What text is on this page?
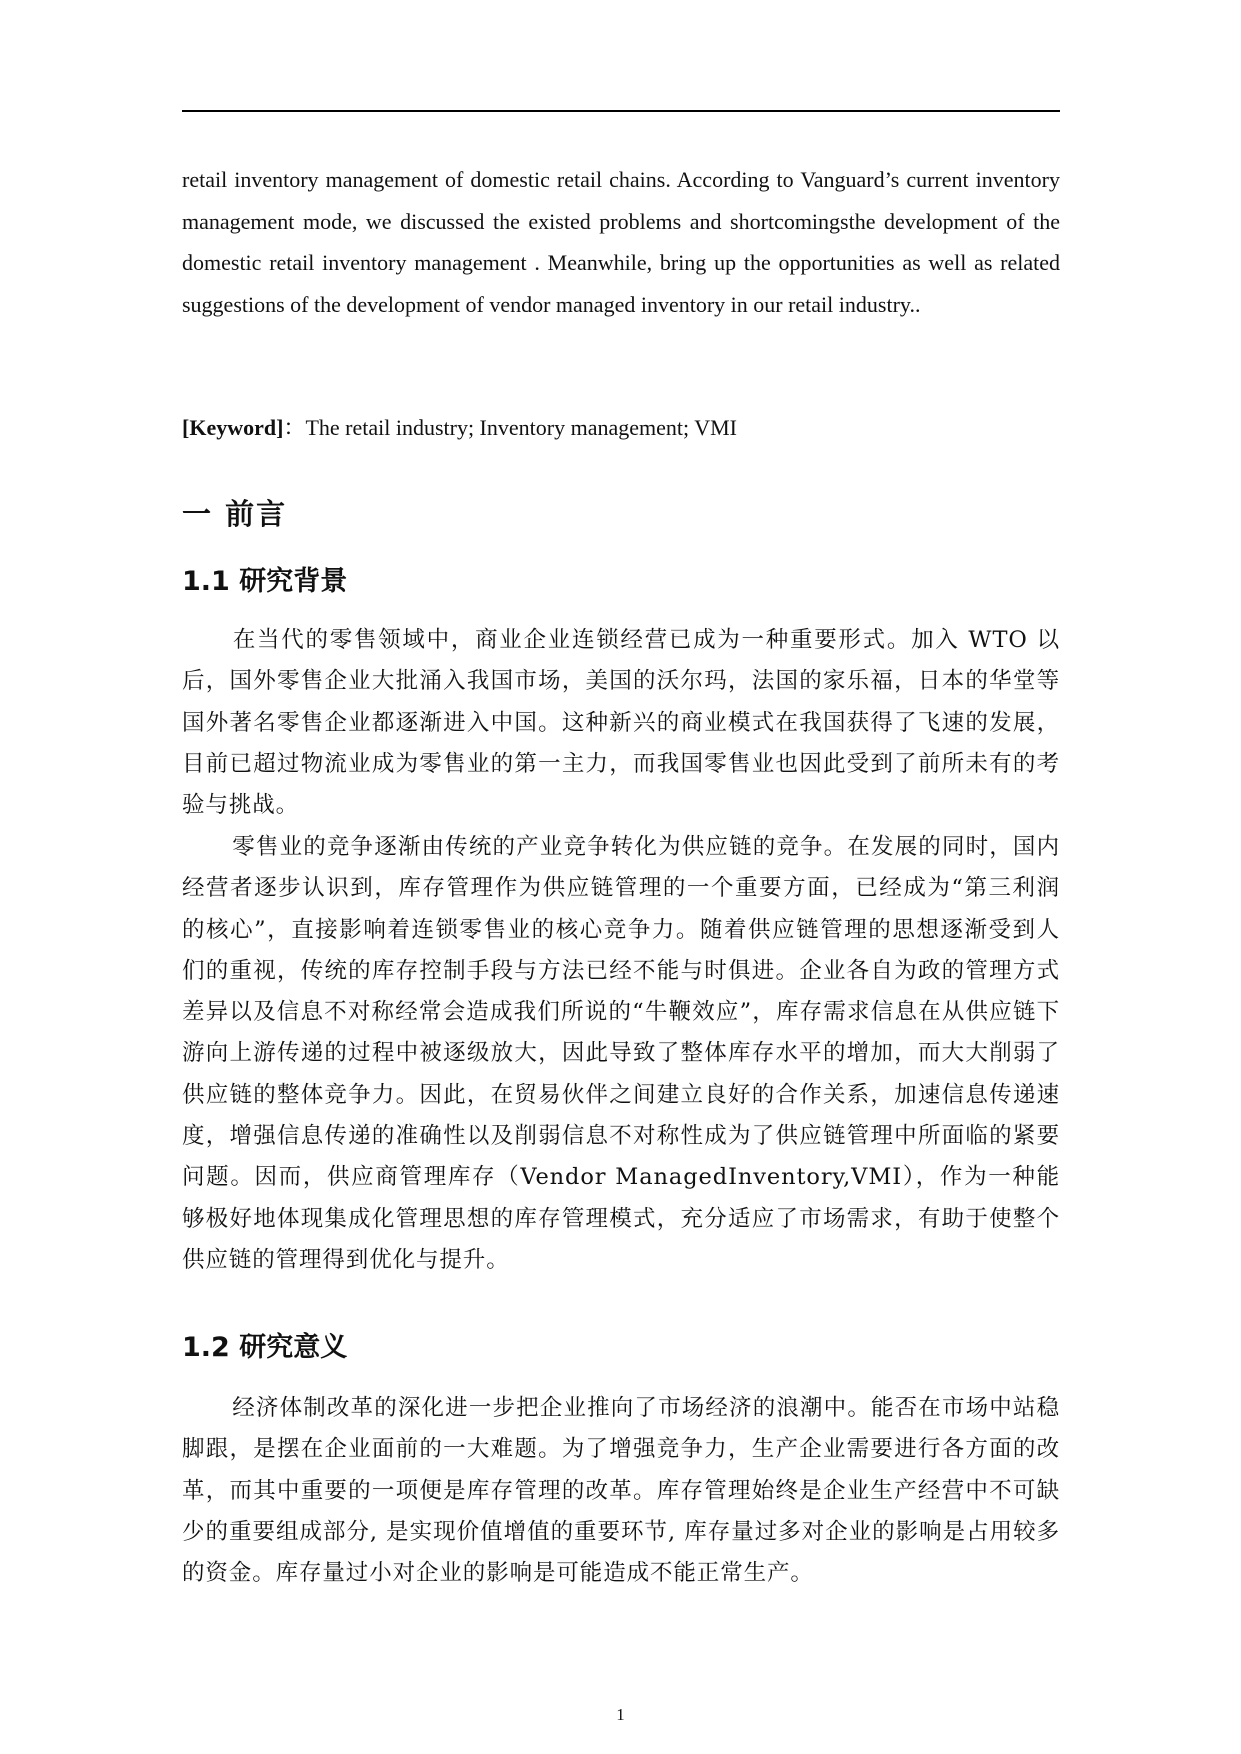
retail inventory management of domestic retail chains. According to Vanguard’s current inventory management mode, we discussed the existed problems and shortcomingsthe development of the domestic retail inventory management . Meanwhile, bring up the opportunities as well as related suggestions of the development of vendor managed inventory in our retail industry..

[Keyword]：The retail industry; Inventory management; VMI

一 前言
1.1 研究背景

在当代的零售领域中，商业企业连锁经营已成为一种重要形式。加入 WTO 以后，国外零售企业大批涌入我国市场，美国的沃尔玛，法国的家乐福，日本的华堂等国外著名零售企业都逐渐进入中国。这种新兴的商业模式在我国获得了飞速的发展，目前已超过物流业成为零售业的第一主力，而我国零售业也因此受到了前所未有的考验与挑战。

零售业的竞争逐渐由传统的产业竞争转化为供应链的竞争。在发展的同时，国内经营者逐步认识到，库存管理作为供应链管理的一个重要方面，已经成为“第三利润的核心”，直接影响着连锁零售业的核心竞争力。随着供应链管理的思想逐渐受到人们的重视，传统的库存控制手段与方法已经不能与时俱进。企业各自为政的管理方式差异以及信息不对称经常会造成我们所说的“牛鞭效应”，库存需求信息在从供应链下游向上游传递的过程中被逐级放大，因此导致了整体库存水平的增加，而大大削弱了供应链的整体竞争力。因此，在贸易伙伴之间建立良好的合作关系，加速信息传递速度，增强信息传递的准确性以及削弱信息不对称性成为了供应链管理中所面临的紧要问题。因而，供应商管理库存（Vendor ManagedInventory,VMI），作为一种能够极好地体现集成化管理思想的库存管理模式，充分适应了市场需求，有助于使整个供应链的管理得到优化与提升。

1.2 研究意义

经济体制改革的深化进一步把企业推向了市场经济的浪潮中。能否在市场中站稳脚跟，是摆在企业面前的一大难题。为了增强竞争力，生产企业需要进行各方面的改革，而其中重要的一项便是库存管理的改革。库存管理始终是企业生产经营中不可缺少的重要组成部分, 是实现价值增值的重要环节, 库存量过多对企业的影响是占用较多的资金。库存量过小对企业的影响是可能造成不能正常生产。

1
